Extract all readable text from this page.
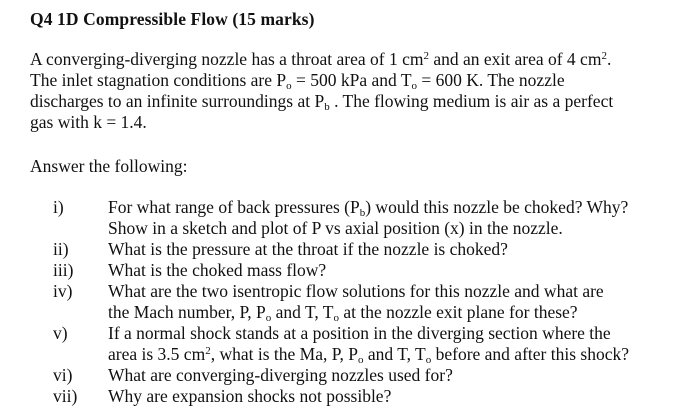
Q4 1D Compressible Flow (15 marks)
A converging-diverging nozzle has a throat area of 1 $cm^2$ and an exit area of 4 $cm^2$.
The inlet stagnation conditions are $P_o = 500$ kPa and $T_o = 600$ K. The nozzle
discharges to an infinite surroundings at $P_b$ . The flowing medium is air as a perfect
gas with k = 1.4.
Answer the following:
i)	For what range of back pressures $(P_b)$ would this nozzle be choked? Why?
Show in a sketch and plot of P vs axial position (x) in the nozzle.
ii) What is the pressure at the throat if the nozzle is choked?
iii) What is the choked mass flow?
iv) What are the two isentropic flow solutions for this nozzle and what are
the Mach number, P, $P_o$ and T, $T_o$ at the nozzle exit plane for these?
v) If a normal shock stands at a position in the diverging section where the
area is 3.5 $cm^2$, what is the Ma, P, $P_o$ and T, $T_o$ before and after this shock?
vi) What are converging-diverging nozzles used for?
vii) Why are expansion shocks not possible?
